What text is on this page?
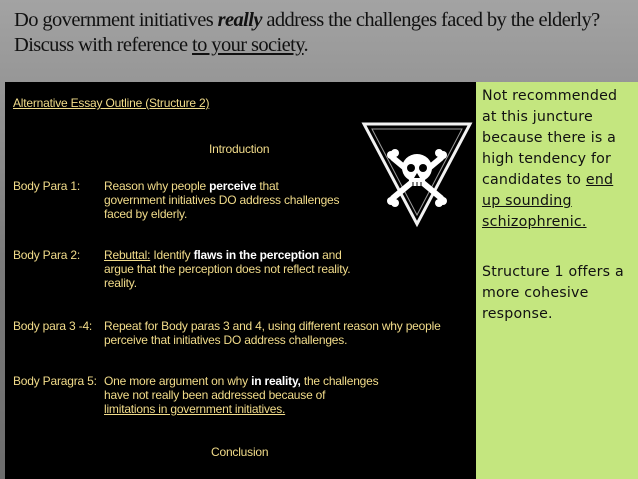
Do government initiatives really address the challenges faced by the elderly? Discuss with reference to your society.
Alternative Essay Outline (Structure 2)
Introduction
Body Para 1: Reason why people perceive that
government initiatives DO address challenges
faced by elderly.
Body Para 2: Rebuttal: Identify flaws in the perception and
argue that the perception does not reflect reality.
reality.
Body para 3 -4: Repeat for Body paras 3 and 4, using different reason why people
perceive that initiatives DO address challenges.
Body Paragra 5: One more argument on why in reality, the challenges
have not really been addressed because of
limitations in government initiatives.
Conclusion

Not recommended

at this juncture

because there is a

high tendency for

candidates to end

up sounding

schizophrenic.

Structure 1 offers a

more cohesive

response.
